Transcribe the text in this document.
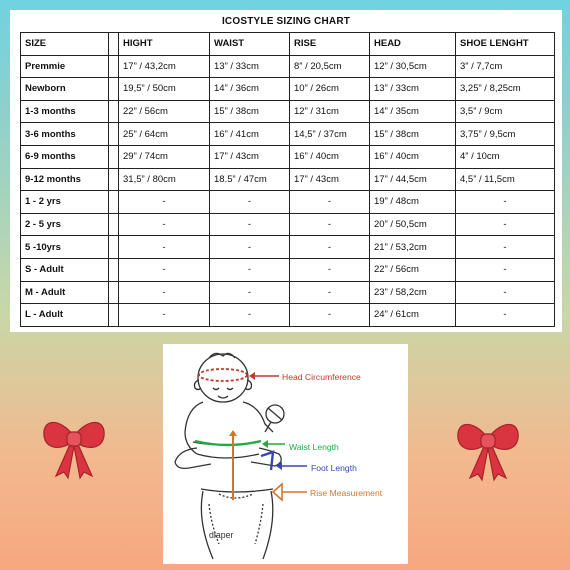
ICOSTYLE SIZING CHART
SIZE		HIGHT	WAIST	RISE	HEAD	SHOE LENGHT
Premmie		17” / 43,2cm	13” / 33cm	8” / 20,5cm	12” / 30,5cm	3” / 7,7cm
Newborn		19,5” / 50cm	14” / 36cm	10” / 26cm	13” / 33cm	3,25” / 8,25cm
1-3 months		22” / 56cm	15” / 38cm	12” / 31cm	14” / 35cm	3,5” / 9cm
3-6 months		25” / 64cm	16” / 41cm	14,5” / 37cm	15” / 38cm	3,75” / 9,5cm
6-9 months		29” / 74cm	17” / 43cm	16” / 40cm	16” / 40cm	4” / 10cm
9-12 months		31,5” / 80cm	18.5” / 47cm	17” / 43cm	17” / 44,5cm	4,5” / 11,5cm
1 - 2 yrs		-	-	-	19” / 48cm	-
2 - 5 yrs		-	-	-	20” / 50,5cm	-
5 -10yrs		-	-	-	21” / 53,2cm	-
S - Adult		-	-	-	22” / 56cm	-
M - Adult		-	-	-	23” / 58,2cm	-
L - Adult		-	-	-	24” / 61cm	-
Head Circumference
Waist Length
Foot Length
Rise Measurement
diaper
